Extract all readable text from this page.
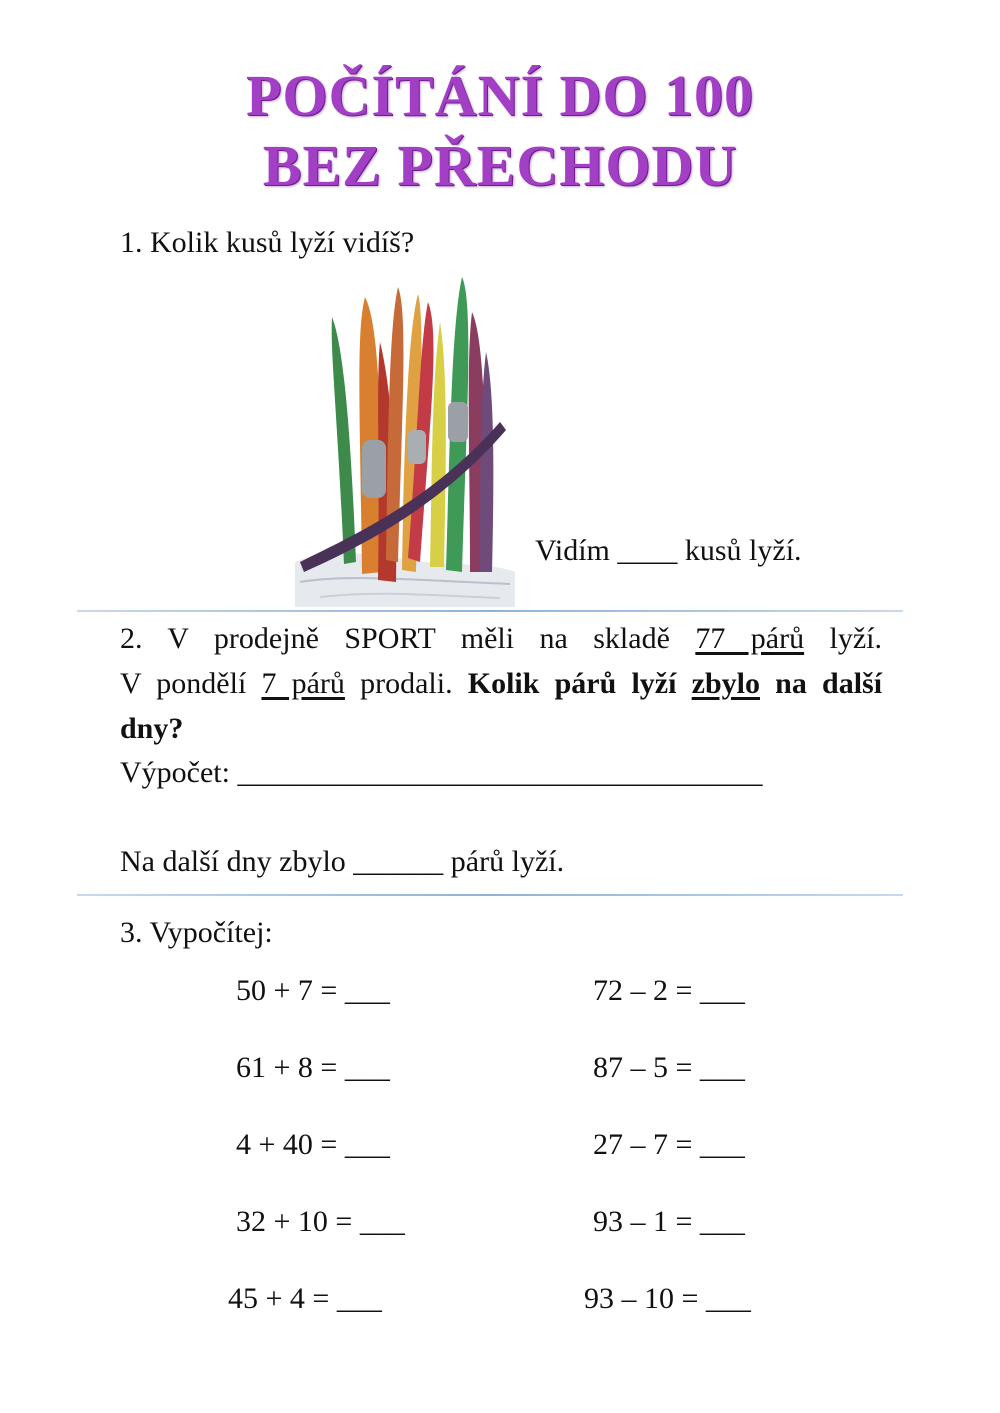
POČÍTÁNÍ DO 100
BEZ PŘECHODU
1. Kolik kusů lyží vidíš?
Vidím ____ kusů lyží.
2. V prodejně SPORT měli na skladě 77 párů lyží.
V pondělí 7 párů prodali. Kolik párů lyží zbylo na další
dny?
Výpočet: ___________________________________
Na další dny zbylo ______ párů lyží.
3. Vypočítej:
50 + 7 = ___
61 + 8 = ___
4 + 40 = ___
32 + 10 = ___
45 + 4 = ___
72 – 2 = ___
87 – 5 = ___
27 – 7 = ___
93 – 1 = ___
93 – 10 = ___
